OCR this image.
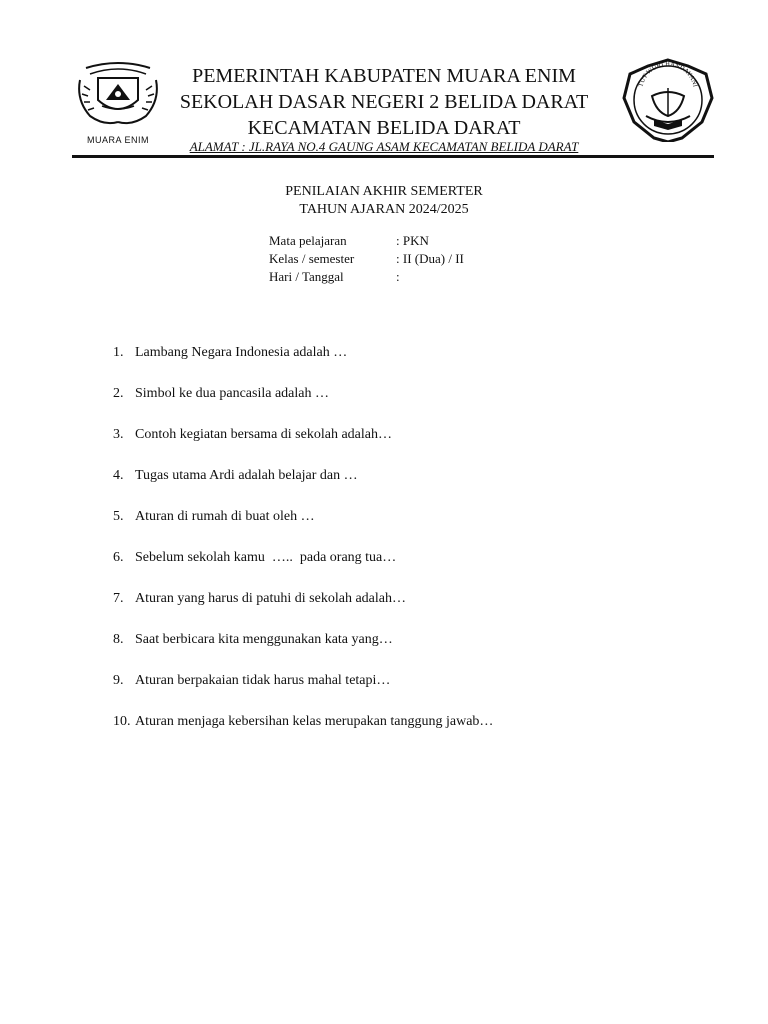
MUARA ENIM
TUT WURI HANDAYANI
PEMERINTAH KABUPATEN MUARA ENIM
SEKOLAH DASAR NEGERI 2 BELIDA DARAT
KECAMATAN BELIDA DARAT
ALAMAT : JL.RAYA NO.4 GAUNG ASAM KECAMATAN BELIDA DARAT
PENILAIAN AKHIR SEMERTER
TAHUN AJARAN 2024/2025
Mata pelajaran	: PKN
Kelas / semester	: II (Dua) / II
Hari / Tanggal	:
1. Lambang Negara Indonesia adalah …
2. Simbol ke dua pancasila adalah …
3. Contoh kegiatan bersama di sekolah adalah…
4. Tugas utama Ardi adalah belajar dan …
5. Aturan di rumah di buat oleh …
6. Sebelum sekolah kamu  …..  pada orang tua…
7. Aturan yang harus di patuhi di sekolah adalah…
8. Saat berbicara kita menggunakan kata yang…
9. Aturan berpakaian tidak harus mahal tetapi…
10. Aturan menjaga kebersihan kelas merupakan tanggung jawab…
